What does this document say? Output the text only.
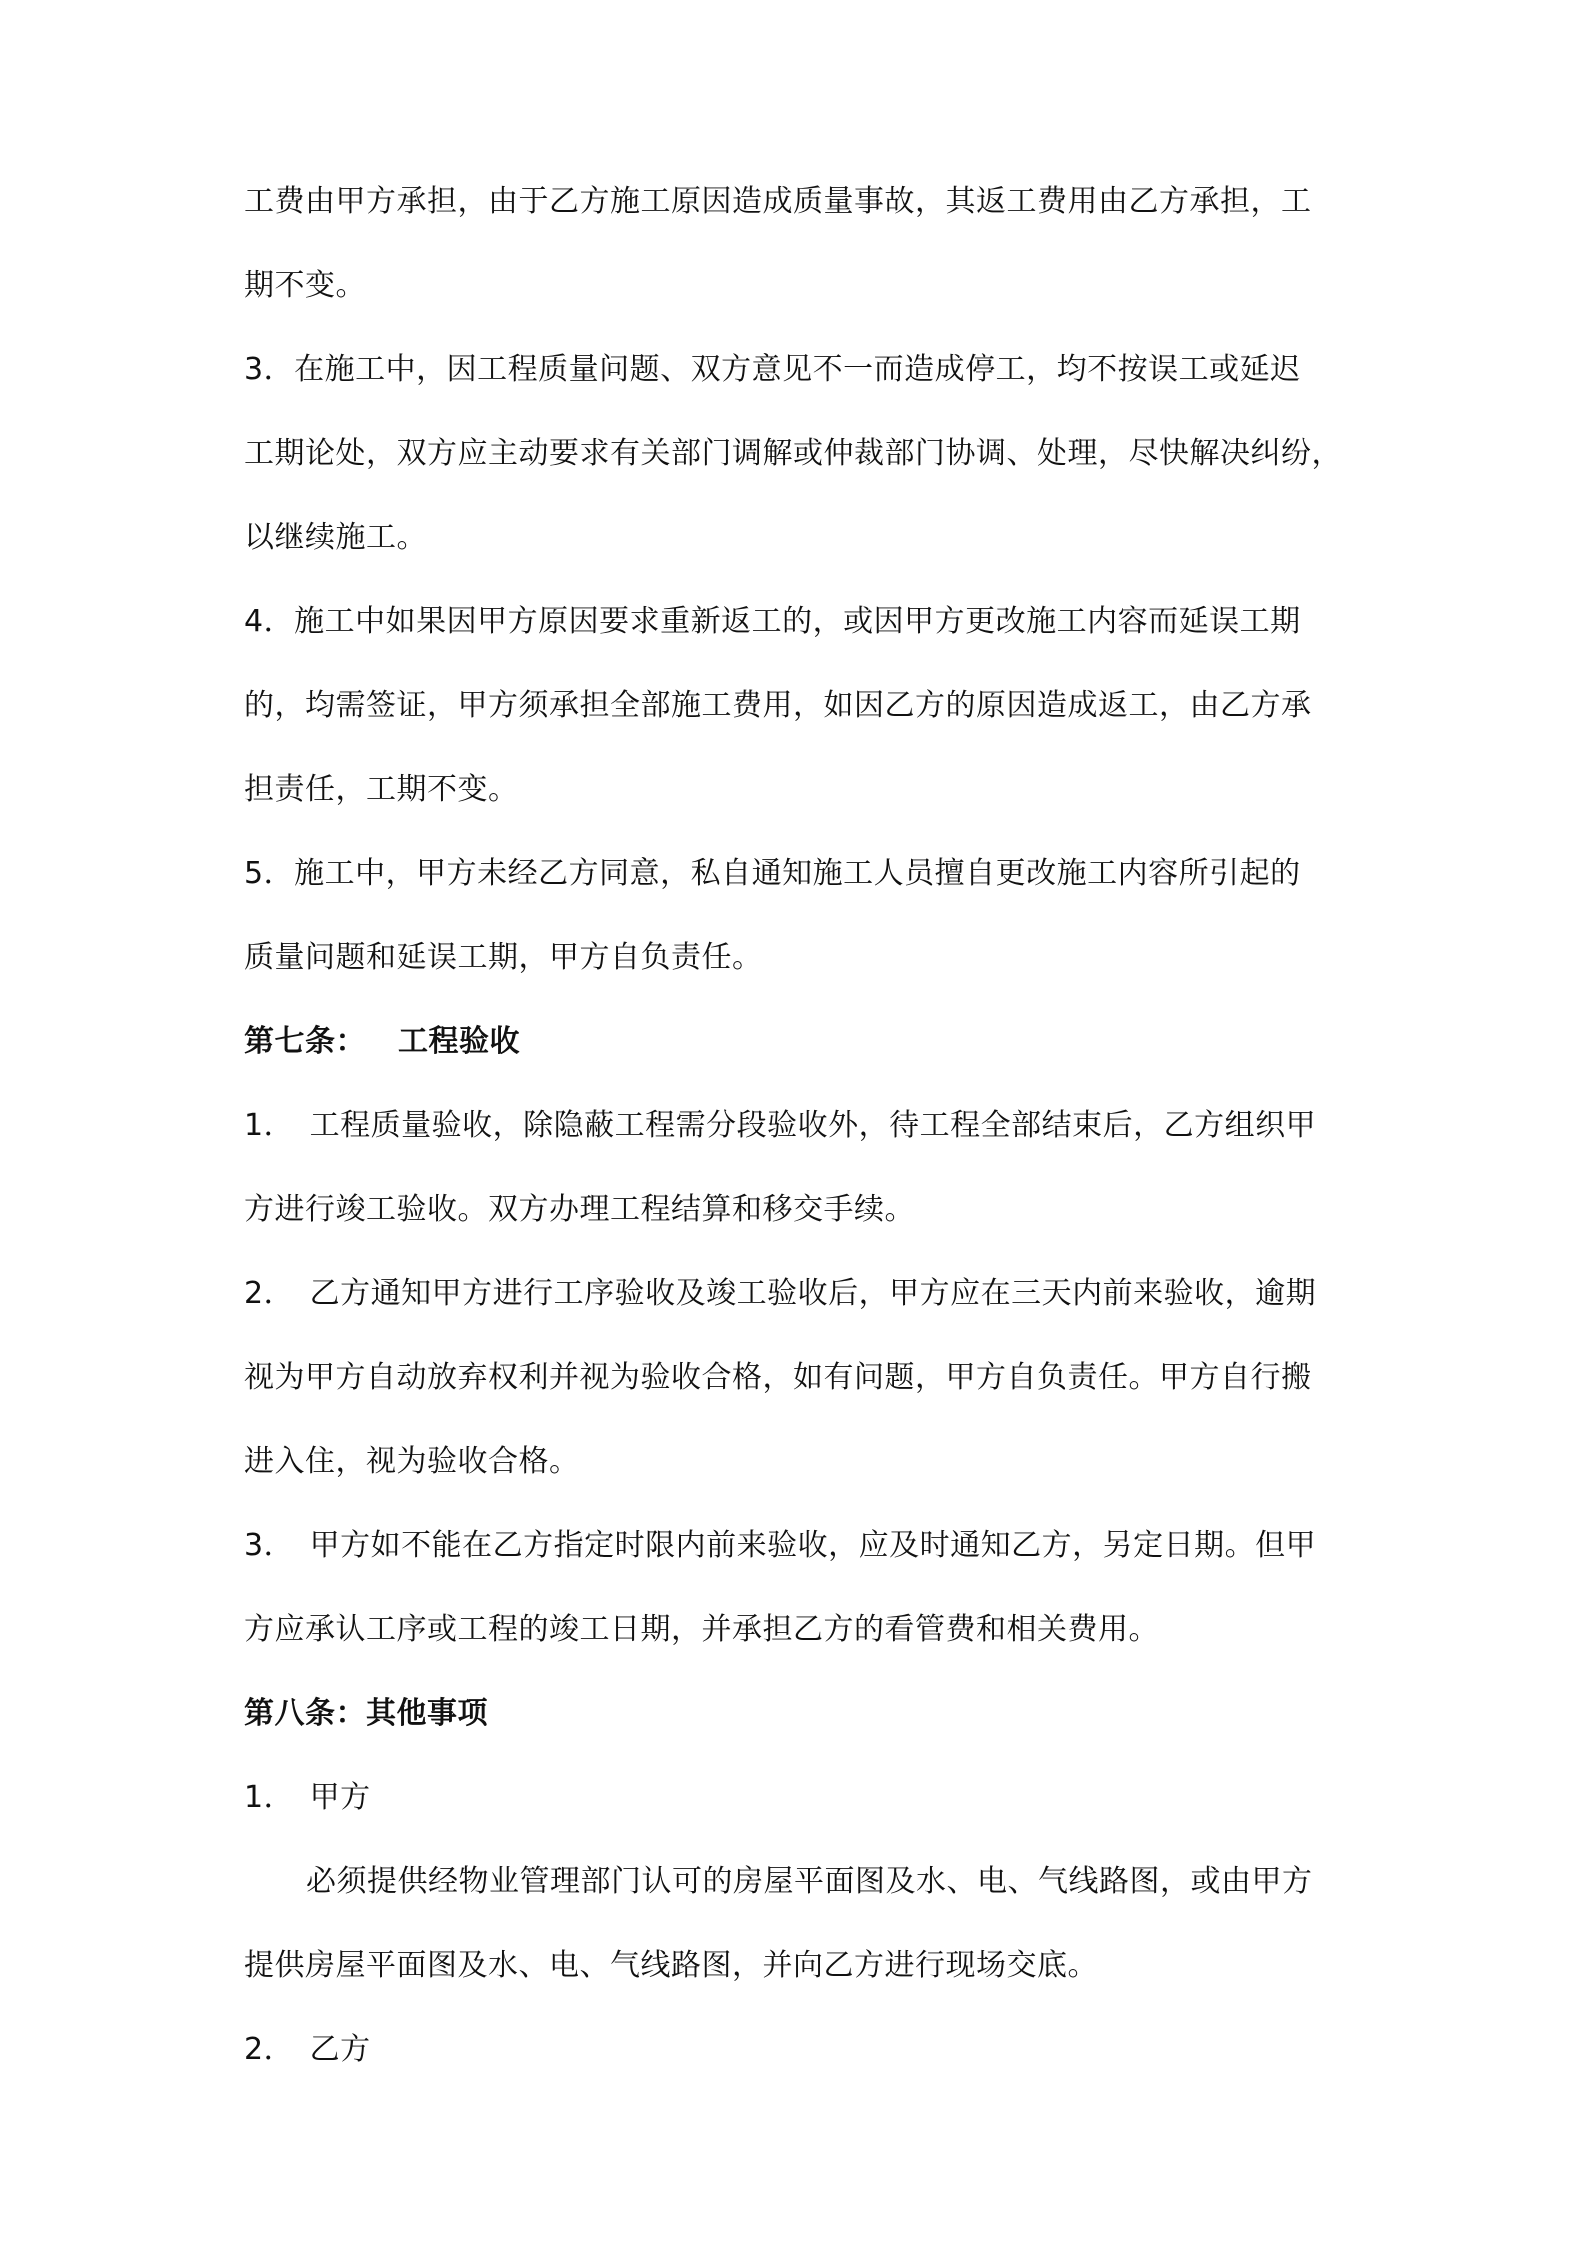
工费由甲方承担，由于乙方施工原因造成质量事故，其返工费用由乙方承担，工
期不变。
3．在施工中，因工程质量问题、双方意见不一而造成停工，均不按误工或延迟
工期论处，双方应主动要求有关部门调解或仲裁部门协调、处理，尽快解决纠纷，
以继续施工。
4．施工中如果因甲方原因要求重新返工的，或因甲方更改施工内容而延误工期
的，均需签证，甲方须承担全部施工费用，如因乙方的原因造成返工，由乙方承
担责任，工期不变。
5．施工中，甲方未经乙方同意，私自通知施工人员擅自更改施工内容所引起的
质量问题和延误工期，甲方自负责任。
第七条： 工程验收
1．　工程质量验收，除隐蔽工程需分段验收外，待工程全部结束后，乙方组织甲
方进行竣工验收。双方办理工程结算和移交手续。
2．　乙方通知甲方进行工序验收及竣工验收后，甲方应在三天内前来验收，逾期
视为甲方自动放弃权利并视为验收合格，如有问题，甲方自负责任。甲方自行搬
进入住，视为验收合格。
3．　甲方如不能在乙方指定时限内前来验收，应及时通知乙方，另定日期。但甲
方应承认工序或工程的竣工日期，并承担乙方的看管费和相关费用。
第八条：其他事项
1．　甲方
必须提供经物业管理部门认可的房屋平面图及水、电、气线路图，或由甲方
提供房屋平面图及水、电、气线路图，并向乙方进行现场交底。
2．　乙方
